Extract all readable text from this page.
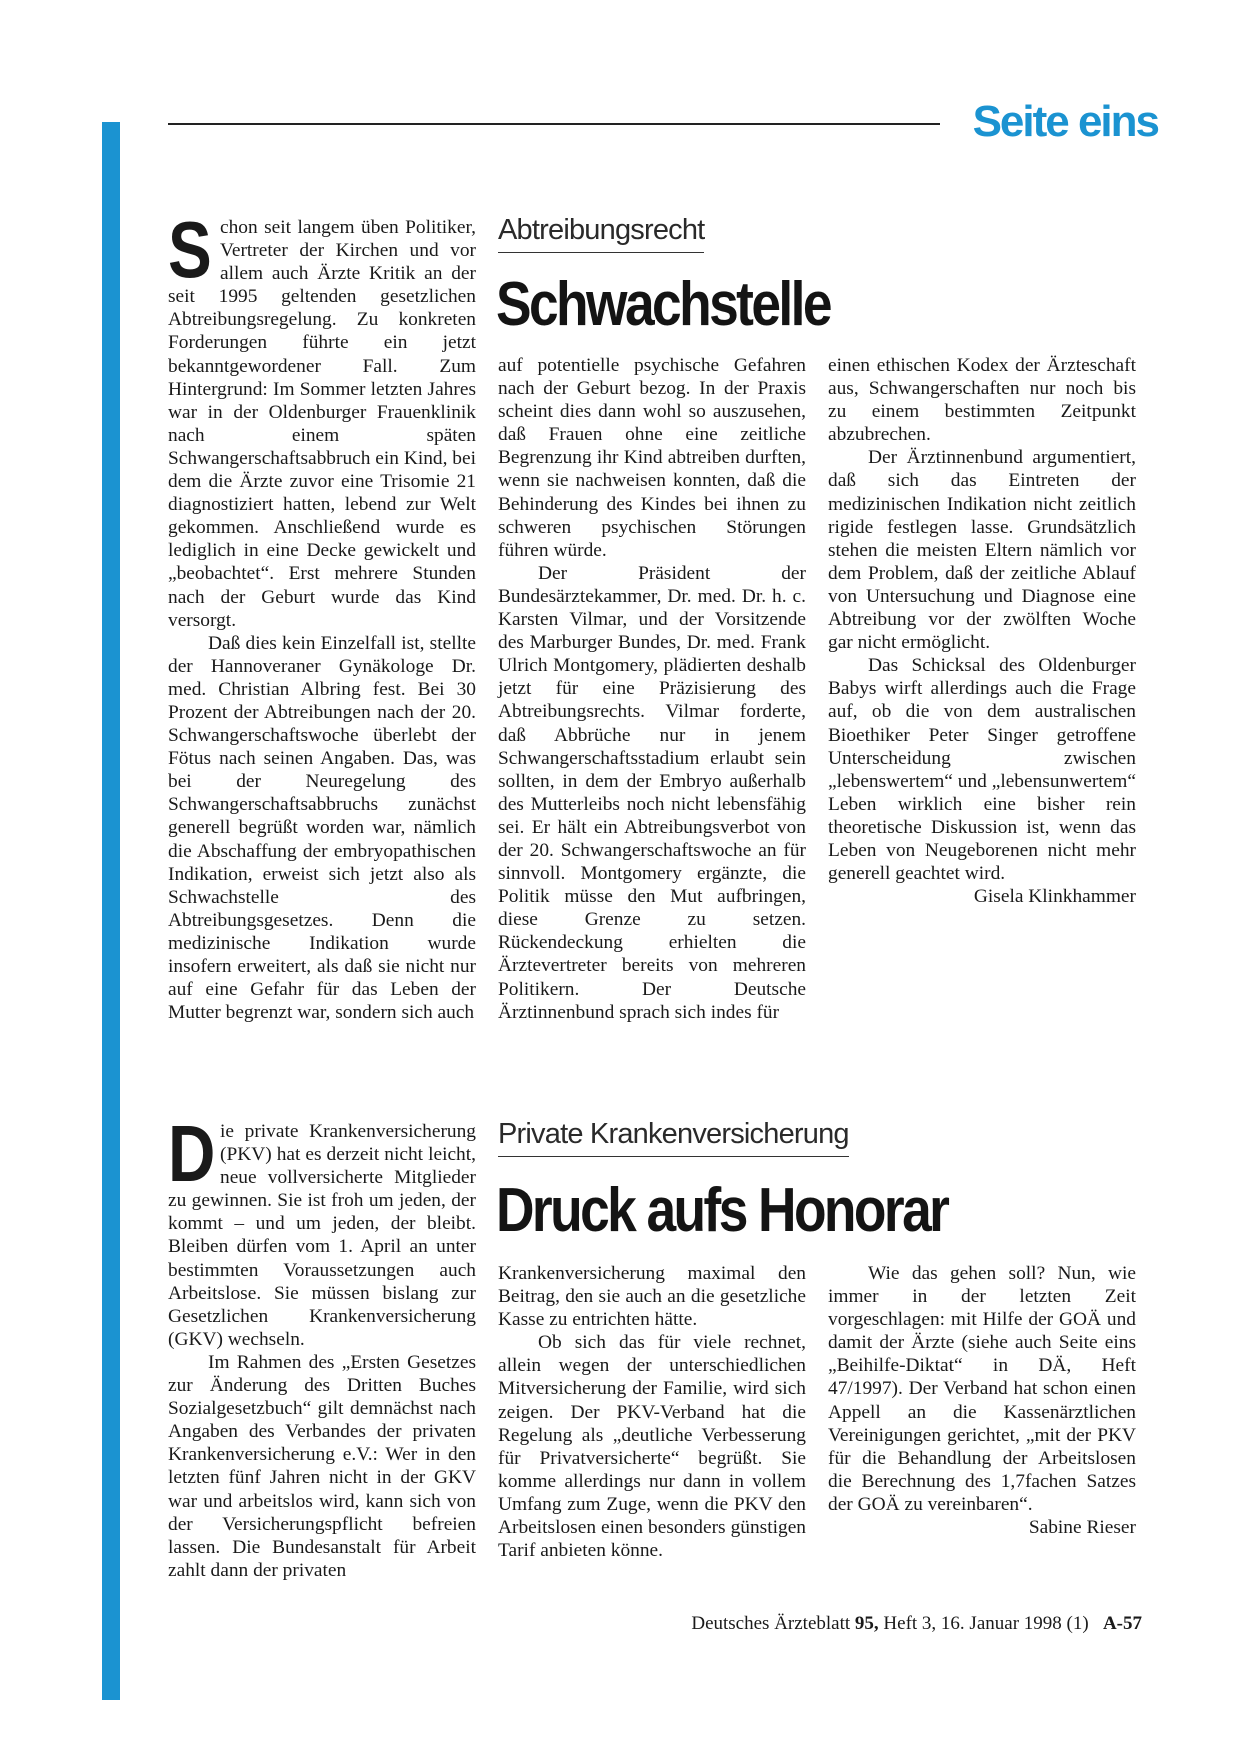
Seite eins
Abtreibungsrecht
Schwachstelle
S chon seit langem üben Politiker, Vertreter der Kirchen und vor allem auch Ärzte Kritik an der seit 1995 geltenden gesetzlichen Abtreibungsregelung. Zu konkreten Forderungen führte ein jetzt bekanntgewordener Fall. Zum Hintergrund: Im Sommer letzten Jahres war in der Oldenburger Frauenklinik nach einem späten Schwangerschaftsabbruch ein Kind, bei dem die Ärzte zuvor eine Trisomie 21 diagnostiziert hatten, lebend zur Welt gekommen. Anschließend wurde es lediglich in eine Decke gewickelt und „beobachtet“. Erst mehrere Stunden nach der Geburt wurde das Kind versorgt.

Daß dies kein Einzelfall ist, stellte der Hannoveraner Gynäkologe Dr. med. Christian Albring fest. Bei 30 Prozent der Abtreibungen nach der 20. Schwangerschaftswoche überlebt der Fötus nach seinen Angaben. Das, was bei der Neuregelung des Schwangerschaftsabbruchs zunächst generell begrüßt worden war, nämlich die Abschaffung der embryopathischen Indikation, erweist sich jetzt also als Schwachstelle des Abtreibungsgesetzes. Denn die medizinische Indikation wurde insofern erweitert, als daß sie nicht nur auf eine Gefahr für das Leben der Mutter begrenzt war, sondern sich auch

auf potentielle psychische Gefahren nach der Geburt bezog. In der Praxis scheint dies dann wohl so auszusehen, daß Frauen ohne eine zeitliche Begrenzung ihr Kind abtreiben durften, wenn sie nachweisen konnten, daß die Behinderung des Kindes bei ihnen zu schweren psychischen Störungen führen würde.

Der Präsident der Bundesärztekammer, Dr. med. Dr. h. c. Karsten Vilmar, und der Vorsitzende des Marburger Bundes, Dr. med. Frank Ulrich Montgomery, plädierten deshalb jetzt für eine Präzisierung des Abtreibungsrechts. Vilmar forderte, daß Abbrüche nur in jenem Schwangerschaftsstadium erlaubt sein sollten, in dem der Embryo außerhalb des Mutterleibs noch nicht lebensfähig sei. Er hält ein Abtreibungsverbot von der 20. Schwangerschaftswoche an für sinnvoll. Montgomery ergänzte, die Politik müsse den Mut aufbringen, diese Grenze zu setzen. Rückendeckung erhielten die Ärztevertreter bereits von mehreren Politikern. Der Deutsche Ärztinnenbund sprach sich indes für

einen ethischen Kodex der Ärzteschaft aus, Schwangerschaften nur noch bis zu einem bestimmten Zeitpunkt abzubrechen.

Der Ärztinnenbund argumentiert, daß sich das Eintreten der medizinischen Indikation nicht zeitlich rigide festlegen lasse. Grundsätzlich stehen die meisten Eltern nämlich vor dem Problem, daß der zeitliche Ablauf von Untersuchung und Diagnose eine Abtreibung vor der zwölften Woche gar nicht ermöglicht.

Das Schicksal des Oldenburger Babys wirft allerdings auch die Frage auf, ob die von dem australischen Bioethiker Peter Singer getroffene Unterscheidung zwischen „lebenswertem“ und „lebensunwertem“ Leben wirklich eine bisher rein theoretische Diskussion ist, wenn das Leben von Neugeborenen nicht mehr generell geachtet wird.

Gisela Klinkhammer

Private Krankenversicherung
Druck aufs Honorar
D ie private Krankenversicherung (PKV) hat es derzeit nicht leicht, neue vollversicherte Mitglieder zu gewinnen. Sie ist froh um jeden, der kommt – und um jeden, der bleibt. Bleiben dürfen vom 1. April an unter bestimmten Voraussetzungen auch Arbeitslose. Sie müssen bislang zur Gesetzlichen Krankenversicherung (GKV) wechseln.

Im Rahmen des „Ersten Gesetzes zur Änderung des Dritten Buches Sozialgesetzbuch“ gilt demnächst nach Angaben des Verbandes der privaten Krankenversicherung e.V.: Wer in den letzten fünf Jahren nicht in der GKV war und arbeitslos wird, kann sich von der Versicherungspflicht befreien lassen. Die Bundesanstalt für Arbeit zahlt dann der privaten

Krankenversicherung maximal den Beitrag, den sie auch an die gesetzliche Kasse zu entrichten hätte.

Ob sich das für viele rechnet, allein wegen der unterschiedlichen Mitversicherung der Familie, wird sich zeigen. Der PKV-Verband hat die Regelung als „deutliche Verbesserung für Privatversicherte“ begrüßt. Sie komme allerdings nur dann in vollem Umfang zum Zuge, wenn die PKV den Arbeitslosen einen besonders günstigen Tarif anbieten könne.

Wie das gehen soll? Nun, wie immer in der letzten Zeit vorgeschlagen: mit Hilfe der GOÄ und damit der Ärzte (siehe auch Seite eins „Beihilfe-Diktat“ in DÄ, Heft 47/1997). Der Verband hat schon einen Appell an die Kassenärztlichen Vereinigungen gerichtet, „mit der PKV für die Behandlung der Arbeitslosen die Berechnung des 1,7fachen Satzes der GOÄ zu vereinbaren“.

Sabine Rieser

Deutsches Ärzteblatt 95, Heft 3, 16. Januar 1998 (1) A-57
